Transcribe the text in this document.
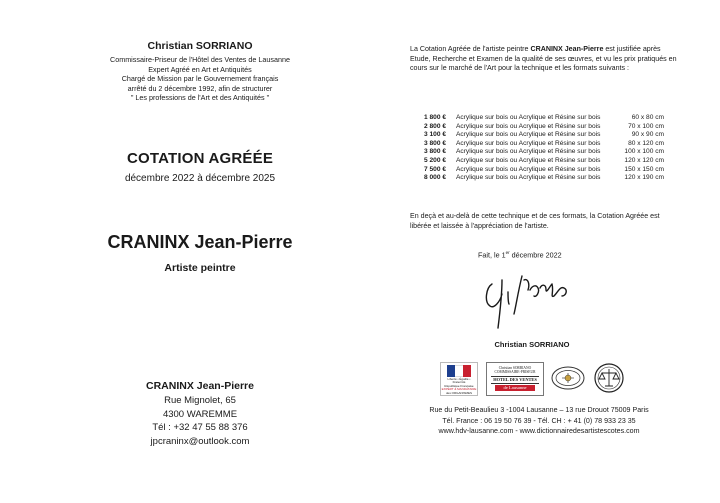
Christian SORRIANO
Commissaire-Priseur de l'Hôtel des Ventes de Lausanne
Expert Agréé en Art et Antiquités
Chargé de Mission par le Gouvernement français
arrêté du 2 décembre 1992, afin de structurer
" Les professions de l'Art et des Antiquités "
COTATION AGRÉÉE
décembre 2022 à décembre 2025
CRANINX Jean-Pierre
Artiste peintre
CRANINX Jean-Pierre
Rue Mignolet, 65
4300 WAREMME
Tél : +32 47 55 88 376
jpcraninx@outlook.com
La Cotation Agréée de l'artiste peintre CRANINX Jean-Pierre est justifiée après Etude, Recherche et Examen de la qualité de ses œuvres, et vu les prix pratiqués en cours sur le marché de l'Art pour la technique et les formats suivants :
1 800 €	Acrylique sur bois ou Acrylique et Résine sur bois	60 x 80 cm
2 800 €	Acrylique sur bois ou Acrylique et Résine sur bois	70 x 100 cm
3 100 €	Acrylique sur bois ou Acrylique et Résine sur bois	90 x 90 cm
3 800 €	Acrylique sur bois ou Acrylique et Résine sur bois	80 x 120 cm
3 800 €	Acrylique sur bois ou Acrylique et Résine sur bois	100 x 100 cm
5 200 €	Acrylique sur bois ou Acrylique et Résine sur bois	120 x 120 cm
7 500 €	Acrylique sur bois ou Acrylique et Résine sur bois	150 x 150 cm
8 000 €	Acrylique sur bois ou Acrylique et Résine sur bois	120 x 190 cm
En deçà et au-delà de cette technique et de ces formats, la Cotation Agréée est libérée et laissée à l'appréciation de l'artiste.
Fait, le 1er décembre 2022
Christian SORRIANO
Liberté • Égalité • Fraternité
République Française
EXPERT & MANDATAIRE
des ORGANISMES
Christian SORRIANO
COMMISSAIRE-PRISEUR
HOTEL DES VENTES
de Lausanne
Rue du Petit-Beaulieu 3 -1004 Lausanne – 13 rue Drouot 75009 Paris
Tél. France : 06 19 50 76 39 - Tél. CH : + 41 (0) 78 933 23 35
www.hdv-lausanne.com - www.dictionnairedesartistescotes.com
